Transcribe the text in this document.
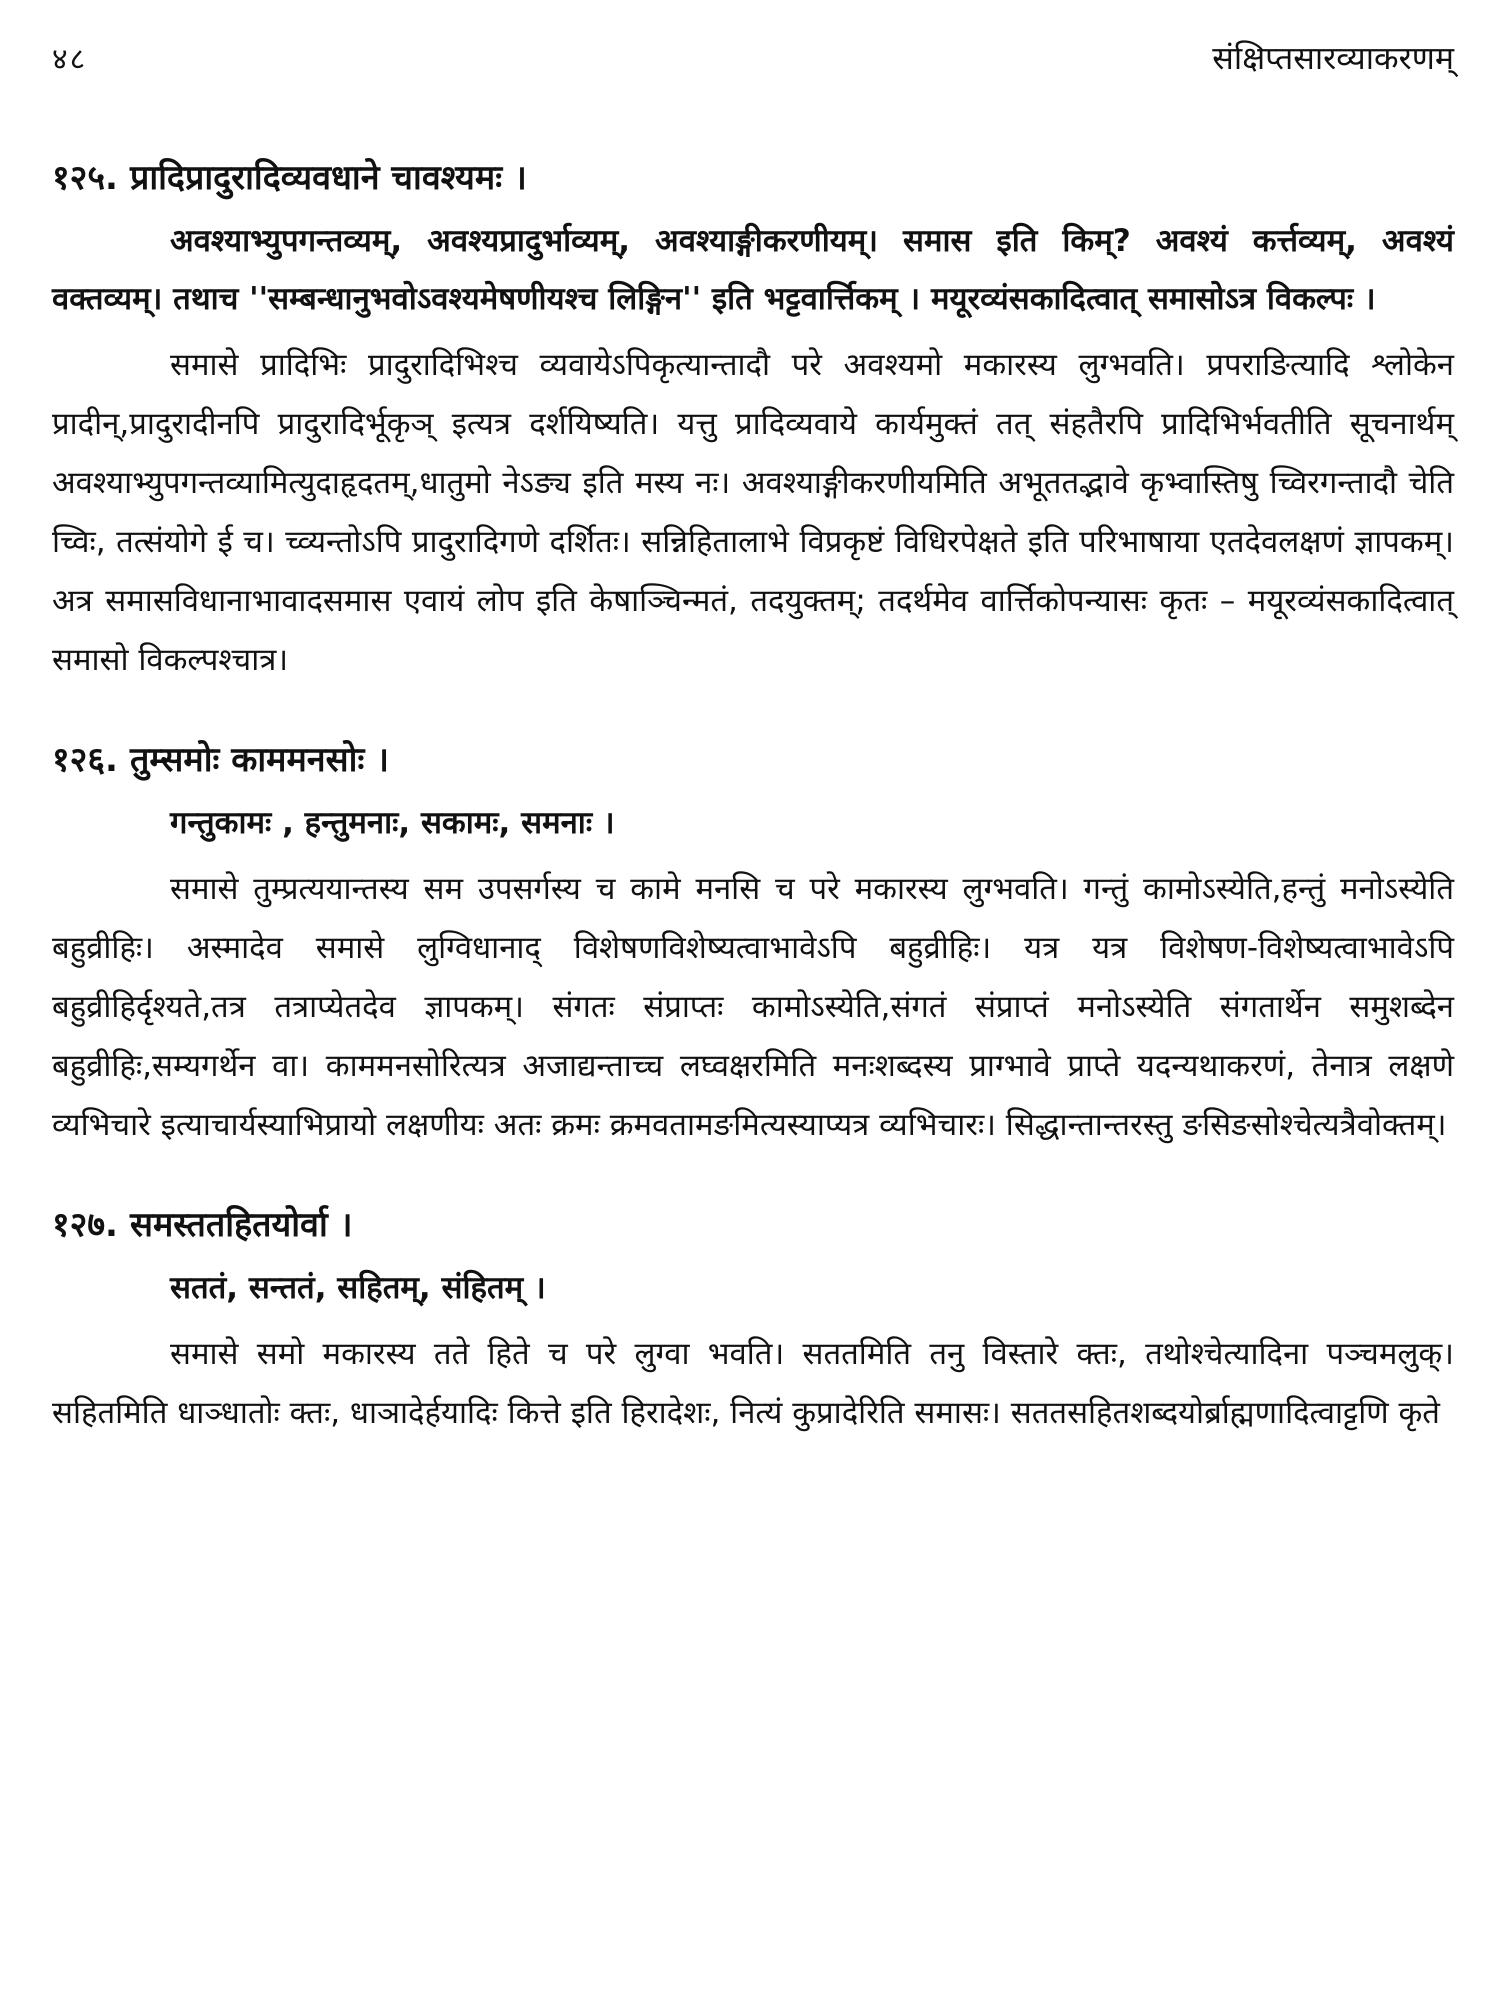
४८	संक्षिप्तसारव्याकरणम्
१२५. प्रादिप्रादुरादिव्यवधाने चावश्यमः ।

अवश्याभ्युपगन्तव्यम्, अवश्यप्रादुर्भाव्यम्, अवश्याङ्गीकरणीयम्। समास इति किम्? अवश्यं कर्त्तव्यम्, अवश्यं वक्तव्यम्। तथाच ''सम्बन्धानुभवोऽवश्यमेषणीयश्च लिङ्गिन'' इति भट्टवार्त्तिकम् । मयूरव्यंसकादित्वात् समासोऽत्र विकल्पः ।

समासे प्रादिभिः प्रादुरादिभिश्च व्यवायेऽपिकृत्यान्तादौ परे अवश्यमो मकारस्य लुग्भवति। प्रपराङित्यादि श्लोकेन प्रादीन्,प्रादुरादीनपि प्रादुरादिर्भूकृञ् इत्यत्र दर्शयिष्यति। यत्तु प्रादिव्यवाये कार्यमुक्तं तत् संहतैरपि प्रादिभिर्भवतीति सूचनार्थम् अवश्याभ्युपगन्तव्यामित्युदाहृदतम्,धातुमो नेऽङ्य इति मस्य नः। अवश्याङ्गीकरणीयमिति अभूततद्भावे कृभ्वास्तिषु च्विरगन्तादौ चेति च्विः, तत्संयोगे ई च। च्व्यन्तोऽपि प्रादुरादिगणे दर्शितः। सन्निहितालाभे विप्रकृष्टं विधिरपेक्षते इति परिभाषाया एतदेवलक्षणं ज्ञापकम्।अत्र समासविधानाभावादसमास एवायं लोप इति केषाञ्चिन्मतं, तदयुक्तम्; तदर्थमेव वार्त्तिकोपन्यासः कृतः – मयूरव्यंसकादित्वात् समासो विकल्पश्चात्र।

१२६. तुम्समोः काममनसोः ।

गन्तुकामः , हन्तुमनाः, सकामः, समनाः ।

समासे तुम्प्रत्ययान्तस्य सम उपसर्गस्य च कामे मनसि च परे मकारस्य लुग्भवति। गन्तुं कामोऽस्येति,हन्तुं मनोऽस्येति बहुव्रीहिः। अस्मादेव समासे लुग्विधानाद् विशेषणविशेष्यत्वाभावेऽपि बहुव्रीहिः। यत्र यत्र विशेषण-विशेष्यत्वाभावेऽपि बहुव्रीहिर्दृश्यते,तत्र तत्राप्येतदेव ज्ञापकम्। संगतः संप्राप्तः कामोऽस्येति,संगतं संप्राप्तं मनोऽस्येति संगतार्थेन समुशब्देन बहुव्रीहिः,सम्यगर्थेन वा। काममनसोरित्यत्र अजाद्यन्ताच्च लघ्वक्षरमिति मनःशब्दस्य प्राग्भावे प्राप्ते यदन्यथाकरणं, तेनात्र लक्षणे व्यभिचारे इत्याचार्यस्याभिप्रायो लक्षणीयः अतः क्रमः क्रमवतामङमित्यस्याप्यत्र व्यभिचारः। सिद्धान्तान्तरस्तु ङसिङसोश्चेत्यत्रैवोक्तम्।

१२७. समस्ततहितयोर्वा ।

सततं, सन्ततं, सहितम्, संहितम् ।

समासे समो मकारस्य तते हिते च परे लुग्वा भवति। सततमिति तनु विस्तारे क्तः, तथोश्चेत्यादिना पञ्चमलुक्। सहितमिति धाञ्धातोः क्तः, धाञादेर्हयादिः कित्ते इति हिरादेशः, नित्यं कुप्रादेरिति समासः। सततसहितशब्दयोर्ब्राह्मणादित्वाट्टणि कृते
